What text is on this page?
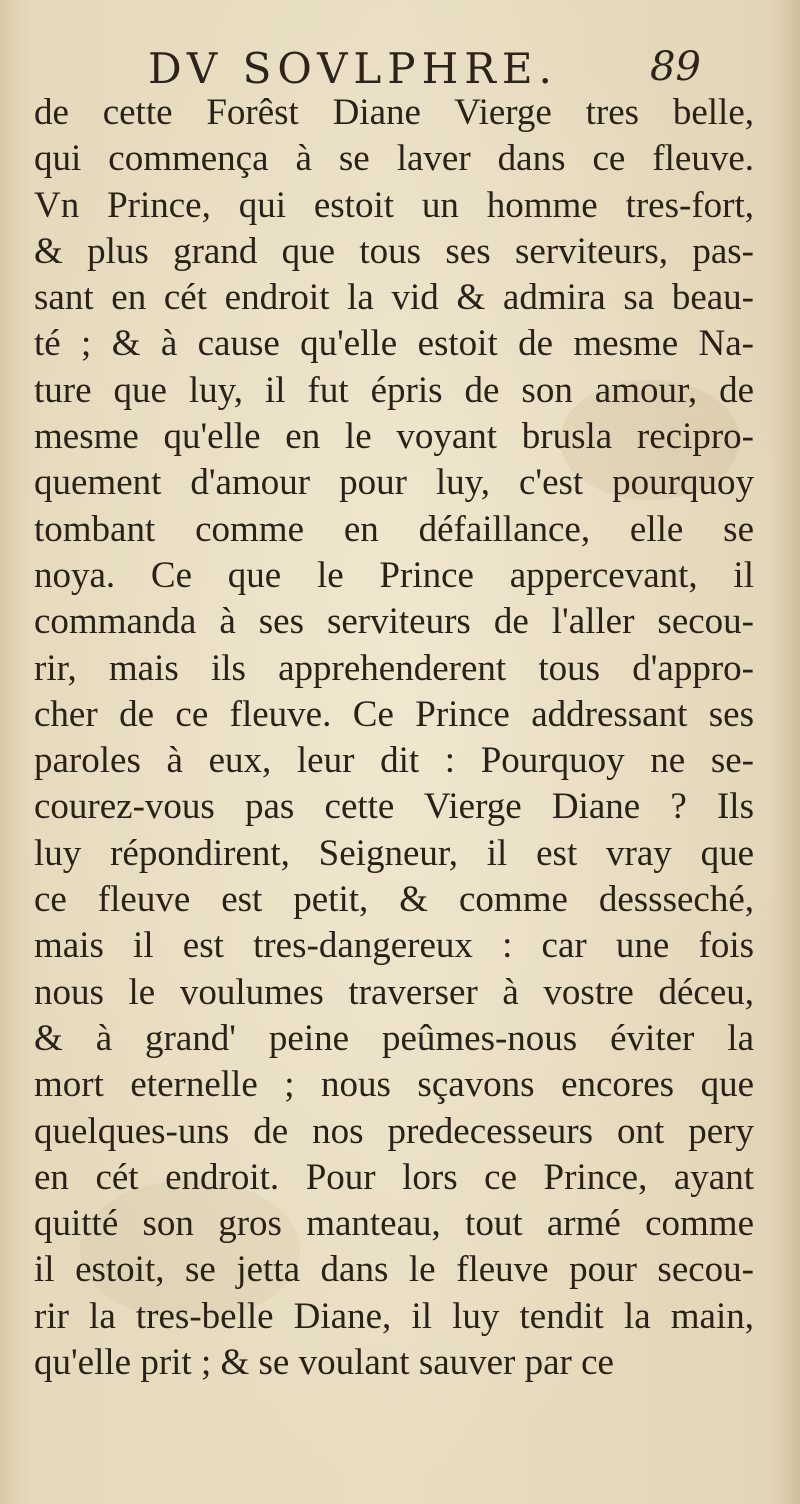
DV SOVLPHRE. 89
de cette Forêst Diane Vierge tres belle,
qui commença à se laver dans ce fleuve.
Vn Prince, qui estoit un homme tres-fort,
& plus grand que tous ses serviteurs, pas-
sant en cét endroit la vid & admira sa beau-
té ; & à cause qu'elle estoit de mesme Na-
ture que luy, il fut épris de son amour, de
mesme qu'elle en le voyant brusla recipro-
quement d'amour pour luy, c'est pourquoy
tombant comme en défaillance, elle se
noya. Ce que le Prince appercevant, il
commanda à ses serviteurs de l'aller secou-
rir, mais ils apprehenderent tous d'appro-
cher de ce fleuve. Ce Prince addressant ses
paroles à eux, leur dit : Pourquoy ne se-
courez-vous pas cette Vierge Diane ? Ils
luy répondirent, Seigneur, il est vray que
ce fleuve est petit, & comme dessseché,
mais il est tres-dangereux : car une fois
nous le voulumes traverser à vostre déceu,
& à grand' peine peûmes-nous éviter la
mort eternelle ; nous sçavons encores que
quelques-uns de nos predecesseurs ont pery
en cét endroit. Pour lors ce Prince, ayant
quitté son gros manteau, tout armé comme
il estoit, se jetta dans le fleuve pour secou-
rir la tres-belle Diane, il luy tendit la main,
qu'elle prit ; & se voulant sauver par ce
